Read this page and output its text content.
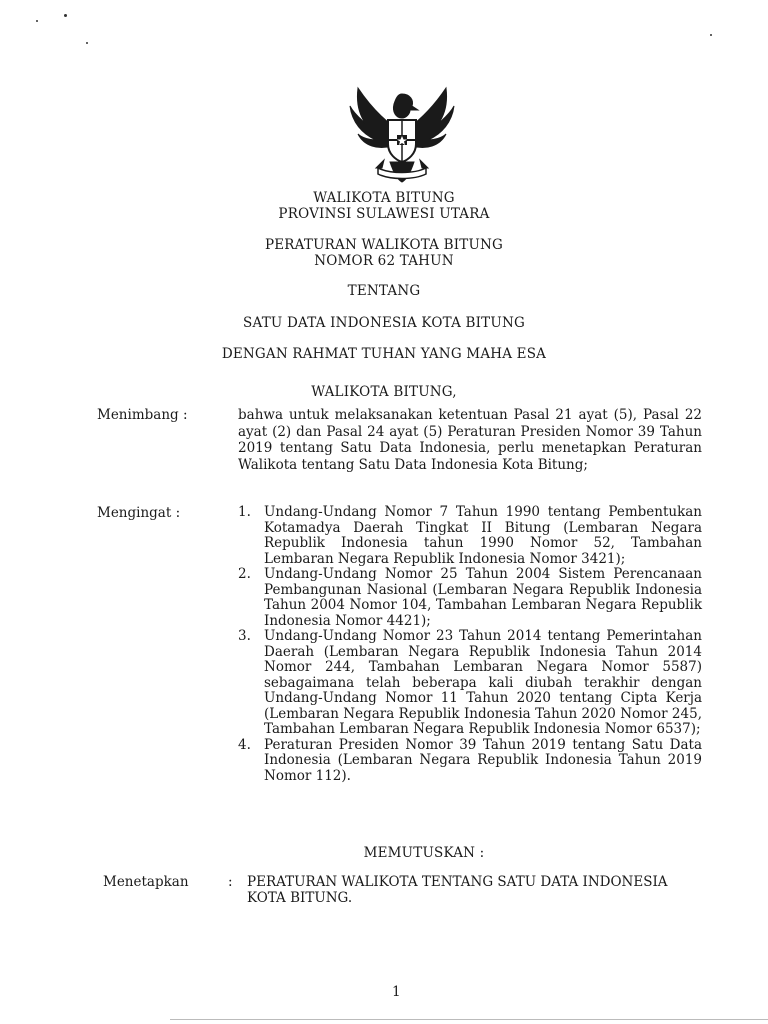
WALIKOTA BITUNG
PROVINSI SULAWESI UTARA
PERATURAN WALIKOTA BITUNG
NOMOR 62 TAHUN
TENTANG
SATU DATA INDONESIA KOTA BITUNG
DENGAN RAHMAT TUHAN YANG MAHA ESA
WALIKOTA BITUNG,
Menimbang :	bahwa untuk melaksanakan ketentuan Pasal 21 ayat (5), Pasal 22 ayat (2) dan Pasal 24 ayat (5) Peraturan Presiden Nomor 39 Tahun 2019 tentang Satu Data Indonesia, perlu menetapkan Peraturan Walikota tentang Satu Data Indonesia Kota Bitung;
Mengingat :	1. Undang-Undang Nomor 7 Tahun 1990 tentang Pembentukan Kotamadya Daerah Tingkat II Bitung (Lembaran Negara Republik Indonesia tahun 1990 Nomor 52, Tambahan Lembaran Negara Republik Indonesia Nomor 3421);
2. Undang-Undang Nomor 25 Tahun 2004 Sistem Perencanaan Pembangunan Nasional (Lembaran Negara Republik Indonesia Tahun 2004 Nomor 104, Tambahan Lembaran Negara Republik Indonesia Nomor 4421);
3. Undang-Undang Nomor 23 Tahun 2014 tentang Pemerintahan Daerah (Lembaran Negara Republik Indonesia Tahun 2014 Nomor 244, Tambahan Lembaran Negara Nomor 5587) sebagaimana telah beberapa kali diubah terakhir dengan Undang-Undang Nomor 11 Tahun 2020 tentang Cipta Kerja (Lembaran Negara Republik Indonesia Tahun 2020 Nomor 245, Tambahan Lembaran Negara Republik Indonesia Nomor 6537);
4. Peraturan Presiden Nomor 39 Tahun 2019 tentang Satu Data Indonesia (Lembaran Negara Republik Indonesia Tahun 2019 Nomor 112).
MEMUTUSKAN :
Menetapkan	: PERATURAN WALIKOTA TENTANG SATU DATA INDONESIA
KOTA BITUNG.
1
